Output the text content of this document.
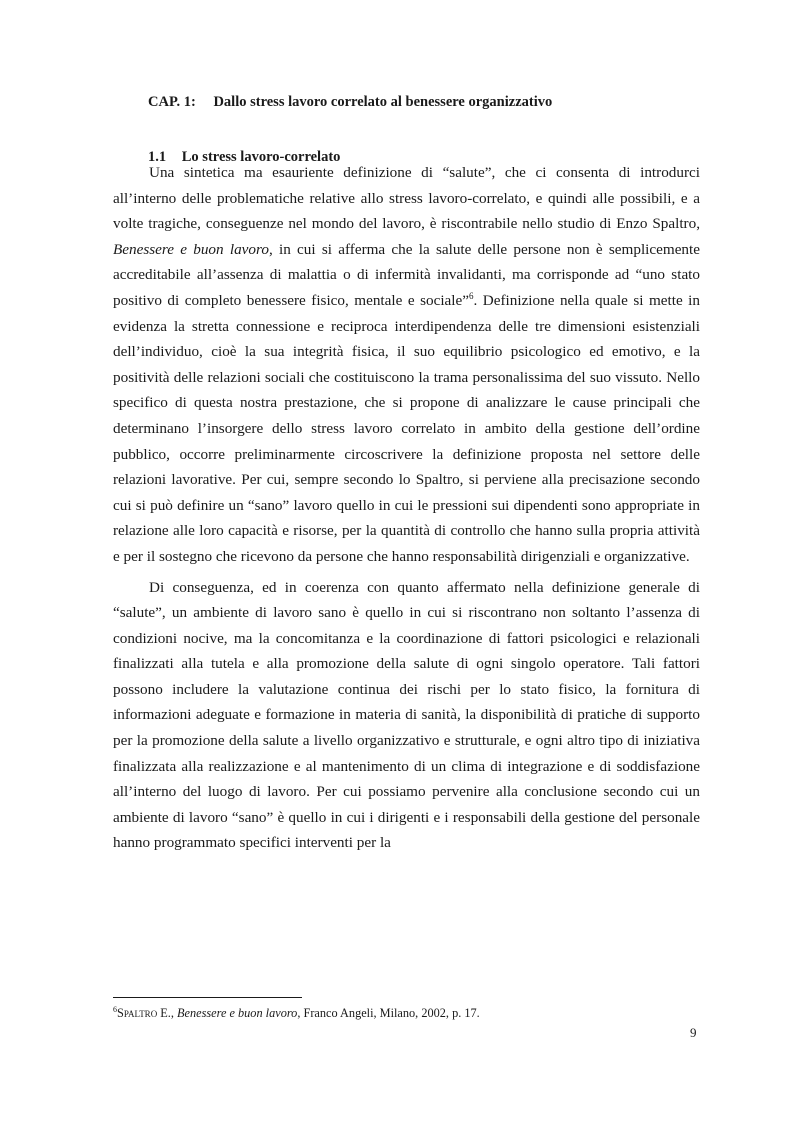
CAP. 1: Dallo stress lavoro correlato al benessere organizzativo
1.1 Lo stress lavoro-correlato

Una sintetica ma esauriente definizione di “salute”, che ci consenta di introdurci all’interno delle problematiche relative allo stress lavoro-correlato, e quindi alle possibili, e a volte tragiche, conseguenze nel mondo del lavoro, è riscontrabile nello studio di Enzo Spaltro, Benessere e buon lavoro, in cui si afferma che la salute delle persone non è semplicemente accreditabile all’assenza di malattia o di infermità invalidanti, ma corrisponde ad “uno stato positivo di completo benessere fisico, mentale e sociale”$^6$. Definizione nella quale si mette in evidenza la stretta connessione e reciproca interdipendenza delle tre dimensioni esistenziali dell’individuo, cioè la sua integrità fisica, il suo equilibrio psicologico ed emotivo, e la positività delle relazioni sociali che costituiscono la trama personalissima del suo vissuto. Nello specifico di questa nostra prestazione, che si propone di analizzare le cause principali che determinano l’insorgere dello stress lavoro correlato in ambito della gestione dell’ordine pubblico, occorre preliminarmente circoscrivere la definizione proposta nel settore delle relazioni lavorative. Per cui, sempre secondo lo Spaltro, si perviene alla precisazione secondo cui si può definire un “sano” lavoro quello in cui le pressioni sui dipendenti sono appropriate in relazione alle loro capacità e risorse, per la quantità di controllo che hanno sulla propria attività e per il sostegno che ricevono da persone che hanno responsabilità dirigenziali e organizzative.

Di conseguenza, ed in coerenza con quanto affermato nella definizione generale di “salute”, un ambiente di lavoro sano è quello in cui si riscontrano non soltanto l’assenza di condizioni nocive, ma la concomitanza e la coordinazione di fattori psicologici e relazionali finalizzati alla tutela e alla promozione della salute di ogni singolo operatore. Tali fattori possono includere la valutazione continua dei rischi per lo stato fisico, la fornitura di informazioni adeguate e formazione in materia di sanità, la disponibilità di pratiche di supporto per la promozione della salute a livello organizzativo e strutturale, e ogni altro tipo di iniziativa finalizzata alla realizzazione e al mantenimento di un clima di integrazione e di soddisfazione all’interno del luogo di lavoro. Per cui possiamo pervenire alla conclusione secondo cui un ambiente di lavoro “sano” è quello in cui i dirigenti e i responsabili della gestione del personale hanno programmato specifici interventi per la

$^6$Spaltro E., Benessere e buon lavoro, Franco Angeli, Milano, 2002, p. 17.
9
